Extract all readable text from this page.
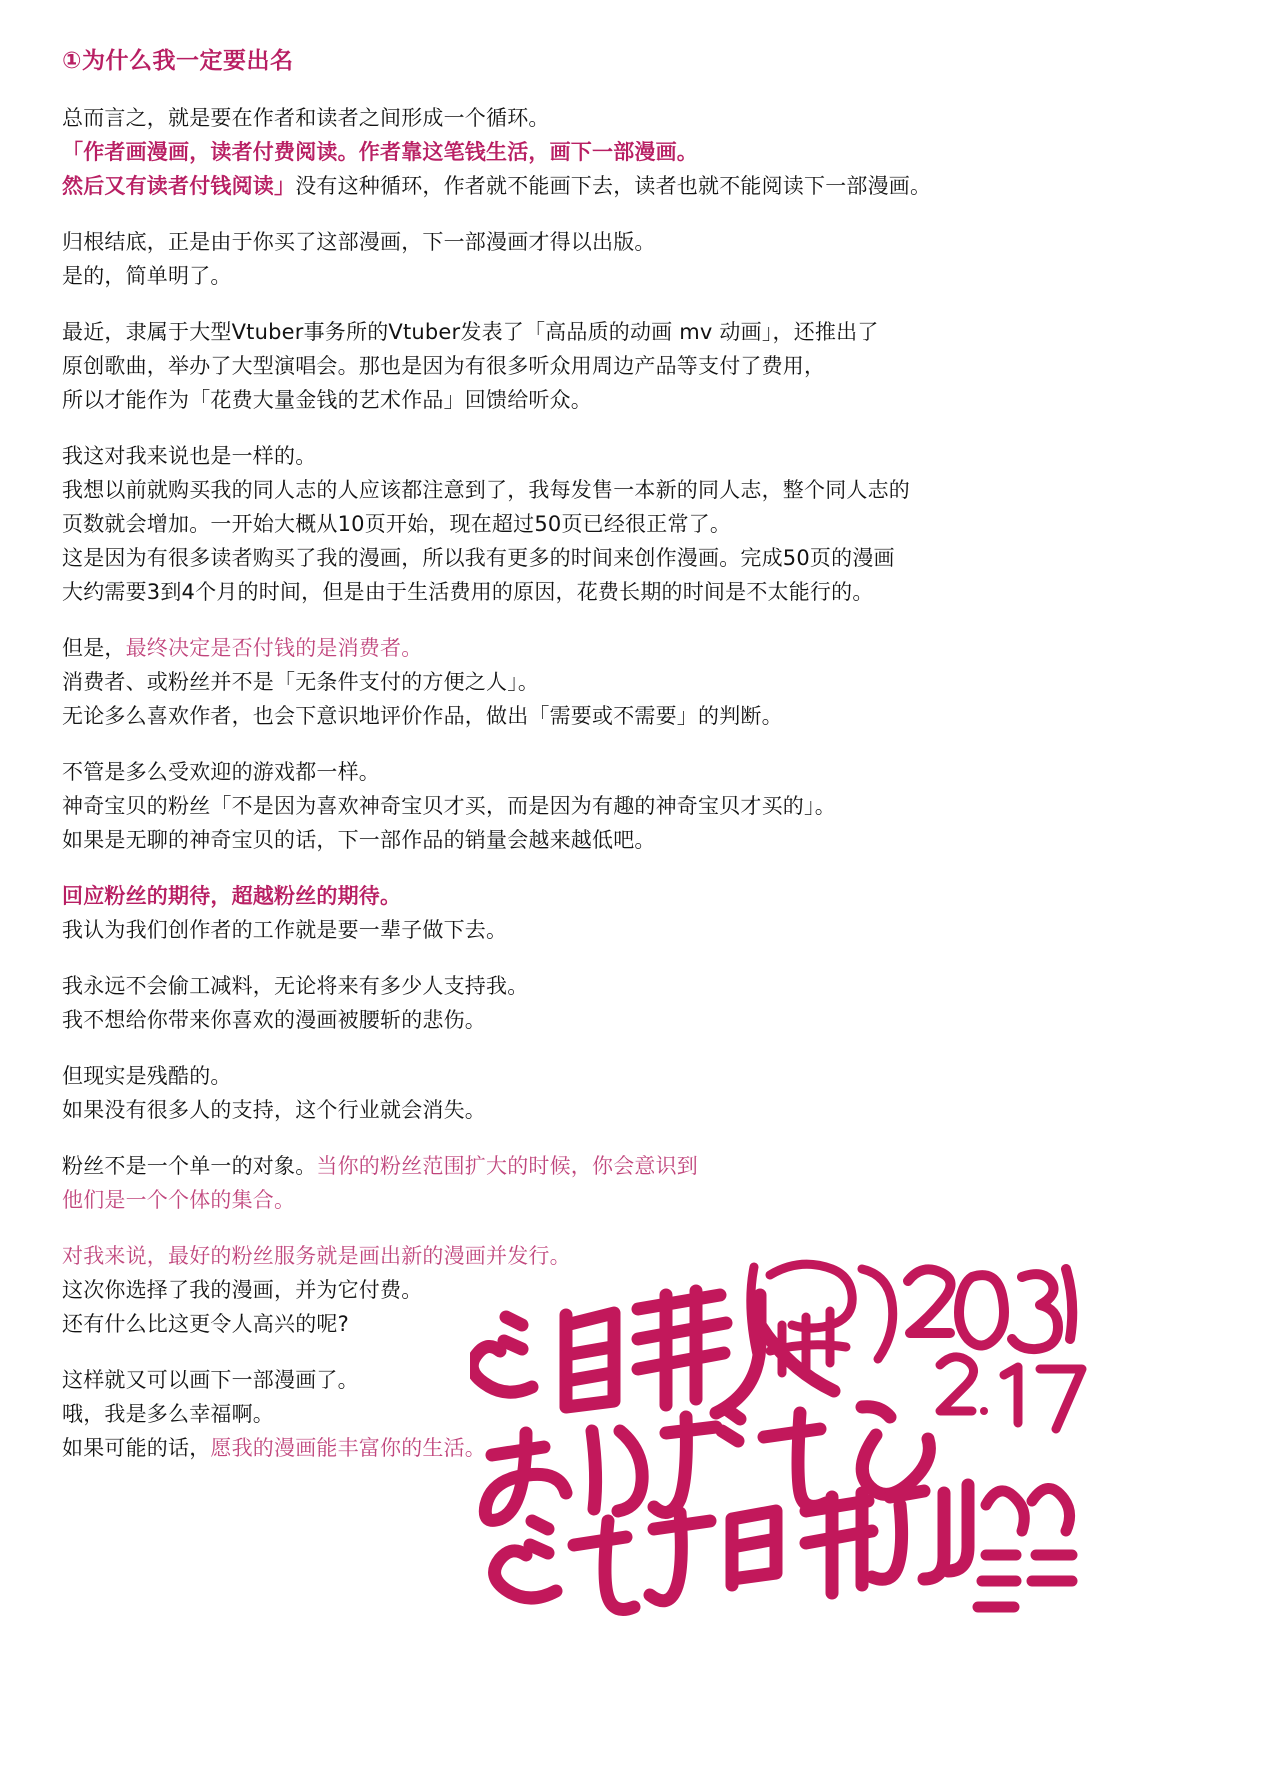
①为什么我一定要出名

总而言之，就是要在作者和读者之间形成一个循环。
「作者画漫画，读者付费阅读。作者靠这笔钱生活，画下一部漫画。
然后又有读者付钱阅读」没有这种循环，作者就不能画下去，读者也就不能阅读下一部漫画。

归根结底，正是由于你买了这部漫画，下一部漫画才得以出版。
是的，简单明了。

最近，隶属于大型Vtuber事务所的Vtuber发表了「高品质的动画 mv 动画」，还推出了
原创歌曲，举办了大型演唱会。那也是因为有很多听众用周边产品等支付了费用，
所以才能作为「花费大量金钱的艺术作品」回馈给听众。

我这对我来说也是一样的。
我想以前就购买我的同人志的人应该都注意到了，我每发售一本新的同人志，整个同人志的
页数就会增加。一开始大概从10页开始，现在超过50页已经很正常了。
这是因为有很多读者购买了我的漫画，所以我有更多的时间来创作漫画。完成50页的漫画
大约需要3到4个月的时间，但是由于生活费用的原因，花费长期的时间是不太能行的。

但是，最终决定是否付钱的是消费者。
消费者、或粉丝并不是「无条件支付的方便之人」。
无论多么喜欢作者，也会下意识地评价作品，做出「需要或不需要」的判断。

不管是多么受欢迎的游戏都一样。
神奇宝贝的粉丝「不是因为喜欢神奇宝贝才买，而是因为有趣的神奇宝贝才买的」。
如果是无聊的神奇宝贝的话，下一部作品的销量会越来越低吧。

回应粉丝的期待，超越粉丝的期待。
我认为我们创作者的工作就是要一辈子做下去。

我永远不会偷工减料，无论将来有多少人支持我。
我不想给你带来你喜欢的漫画被腰斩的悲伤。

但现实是残酷的。
如果没有很多人的支持，这个行业就会消失。

粉丝不是一个单一的对象。当你的粉丝范围扩大的时候，你会意识到
他们是一个个体的集合。

对我来说，最好的粉丝服务就是画出新的漫画并发行。
这次你选择了我的漫画，并为它付费。
还有什么比这更令人高兴的呢?

这样就又可以画下一部漫画了。
哦，我是多么幸福啊。
如果可能的话，愿我的漫画能丰富你的生活。
